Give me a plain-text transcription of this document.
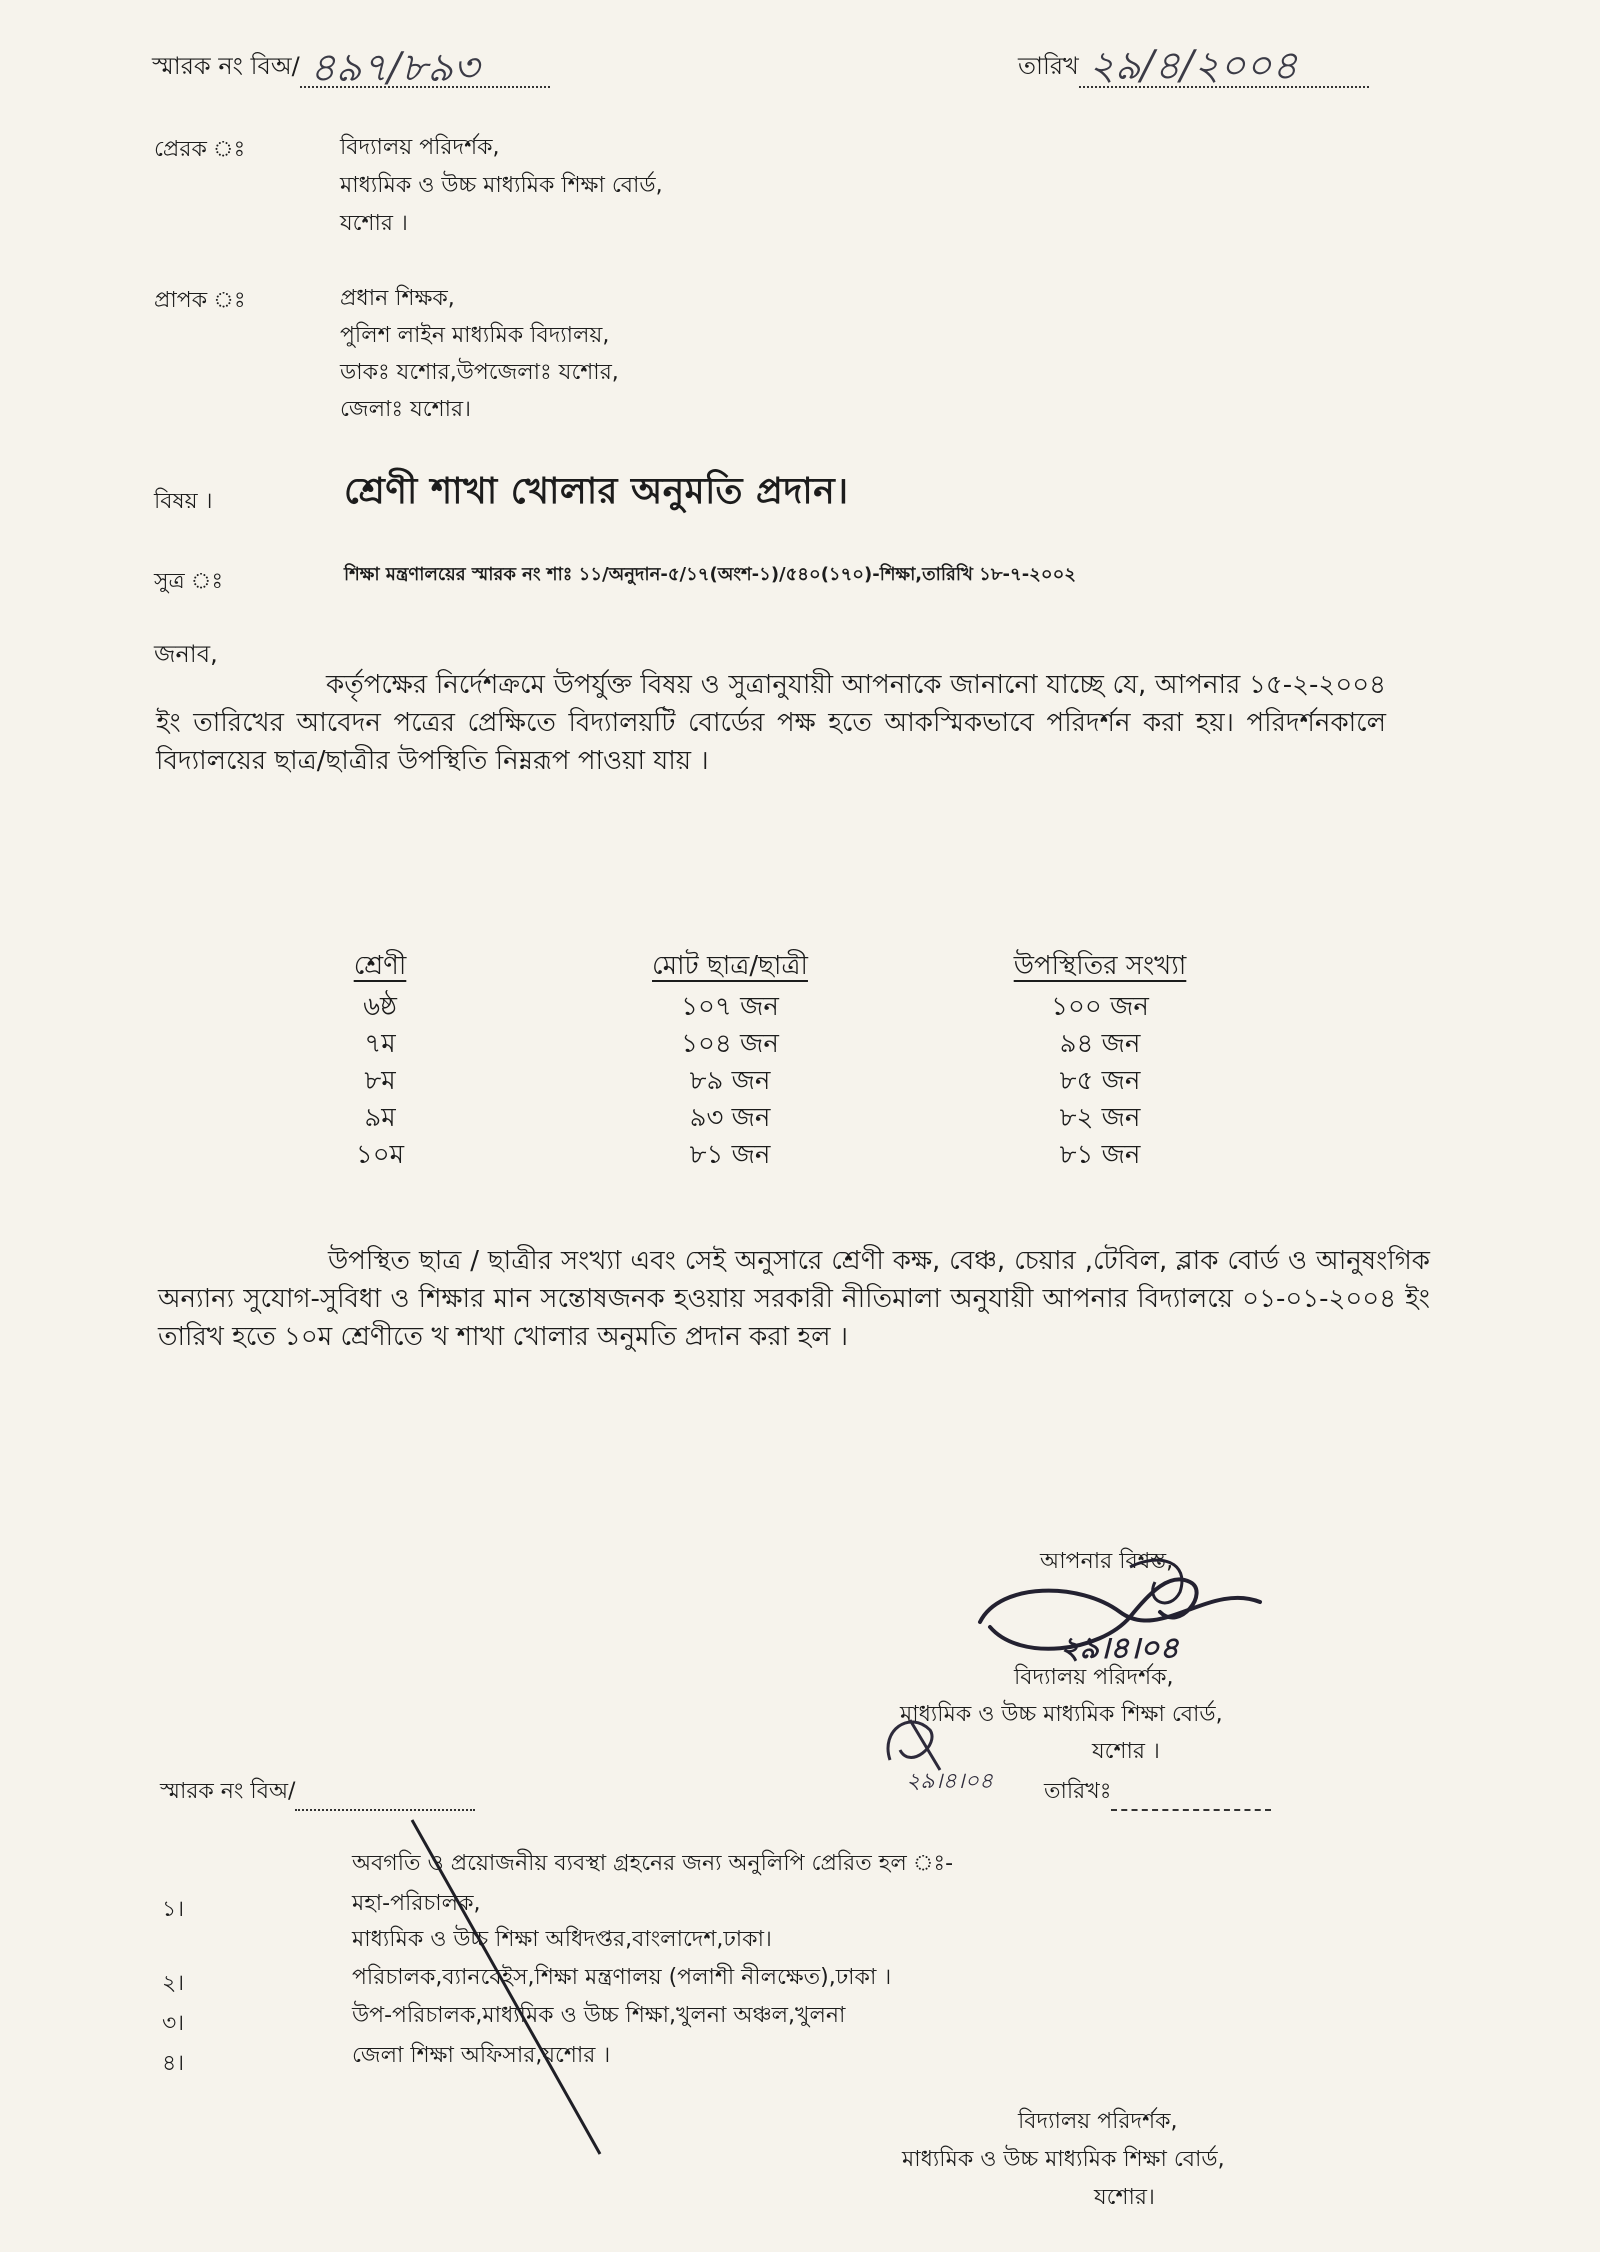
স্মারক নং বিঅ/ ৪৯৭/৮৯৩	তারিখ ২৯/৪/২০০৪
প্রেরক ঃ	বিদ্যালয় পরিদর্শক,
মাধ্যমিক ও উচ্চ মাধ্যমিক শিক্ষা বোর্ড,
যশোর ।
প্রাপক ঃ	প্রধান শিক্ষক,
পুলিশ লাইন মাধ্যমিক বিদ্যালয়,
ডাকঃ যশোর,উপজেলাঃ যশোর,
জেলাঃ যশোর।
বিষয় ।	শ্রেণী শাখা খোলার অনুমতি প্রদান।
সুত্র ঃ	শিক্ষা মন্ত্রণালয়ের স্মারক নং শাঃ ১১/অনুদান-৫/১৭(অংশ-১)/৫৪০(১৭০)-শিক্ষা,তারিখি ১৮-৭-২০০২
জনাব,
কর্তৃপক্ষের নির্দেশক্রমে উপর্যুক্ত বিষয় ও সুত্রানুযায়ী আপনাকে জানানো যাচ্ছে যে, আপনার ১৫-২-২০০৪ ইং তারিখের আবেদন পত্রের প্রেক্ষিতে বিদ্যালয়টি বোর্ডের পক্ষ হতে আকস্মিকভাবে পরিদর্শন করা হয়। পরিদর্শনকালে বিদ্যালয়ের ছাত্র/ছাত্রীর উপস্থিতি নিম্নরূপ পাওয়া যায় ।
শ্রেণী	মোট ছাত্র/ছাত্রী	উপস্থিতির সংখ্যা
৬ষ্ঠ	১০৭ জন	১০০ জন
৭ম	১০৪ জন	৯৪ জন
৮ম	৮৯ জন	৮৫ জন
৯ম	৯৩ জন	৮২ জন
১০ম	৮১ জন	৮১ জন
উপস্থিত ছাত্র / ছাত্রীর সংখ্যা এবং সেই অনুসারে শ্রেণী কক্ষ, বেঞ্চ, চেয়ার ,টেবিল, ব্লাক বোর্ড ও আনুষংগিক অন্যান্য সুযোগ-সুবিধা ও শিক্ষার মান সন্তোষজনক হওয়ায় সরকারী নীতিমালা অনুযায়ী আপনার বিদ্যালয়ে ০১-০১-২০০৪ ইং তারিখ হতে ১০ম শ্রেণীতে খ শাখা খোলার অনুমতি প্রদান করা হল ।
আপনার বিশ্বস্ত,
২৯।৪।০৪
বিদ্যালয় পরিদর্শক,
মাধ্যমিক ও উচ্চ মাধ্যমিক শিক্ষা বোর্ড,
যশোর ।
স্মারক নং বিঅ/	২৯।৪।০৪ তারিখঃ
অবগতি ও প্রয়োজনীয় ব্যবস্থা গ্রহনের জন্য অনুলিপি প্রেরিত হল ঃ-
১।	মহা-পরিচালক,
মাধ্যমিক ও উচ্চ শিক্ষা অধিদপ্তর,বাংলাদেশ,ঢাকা।
২।	পরিচালক,ব্যানবেইস,শিক্ষা মন্ত্রণালয় (পলাশী নীলক্ষেত),ঢাকা ।
৩।	উপ-পরিচালক,মাধ্যমিক ও উচ্চ শিক্ষা,খুলনা অঞ্চল,খুলনা
৪।	জেলা শিক্ষা অফিসার,যশোর ।
বিদ্যালয় পরিদর্শক,
মাধ্যমিক ও উচ্চ মাধ্যমিক শিক্ষা বোর্ড,
যশোর।
